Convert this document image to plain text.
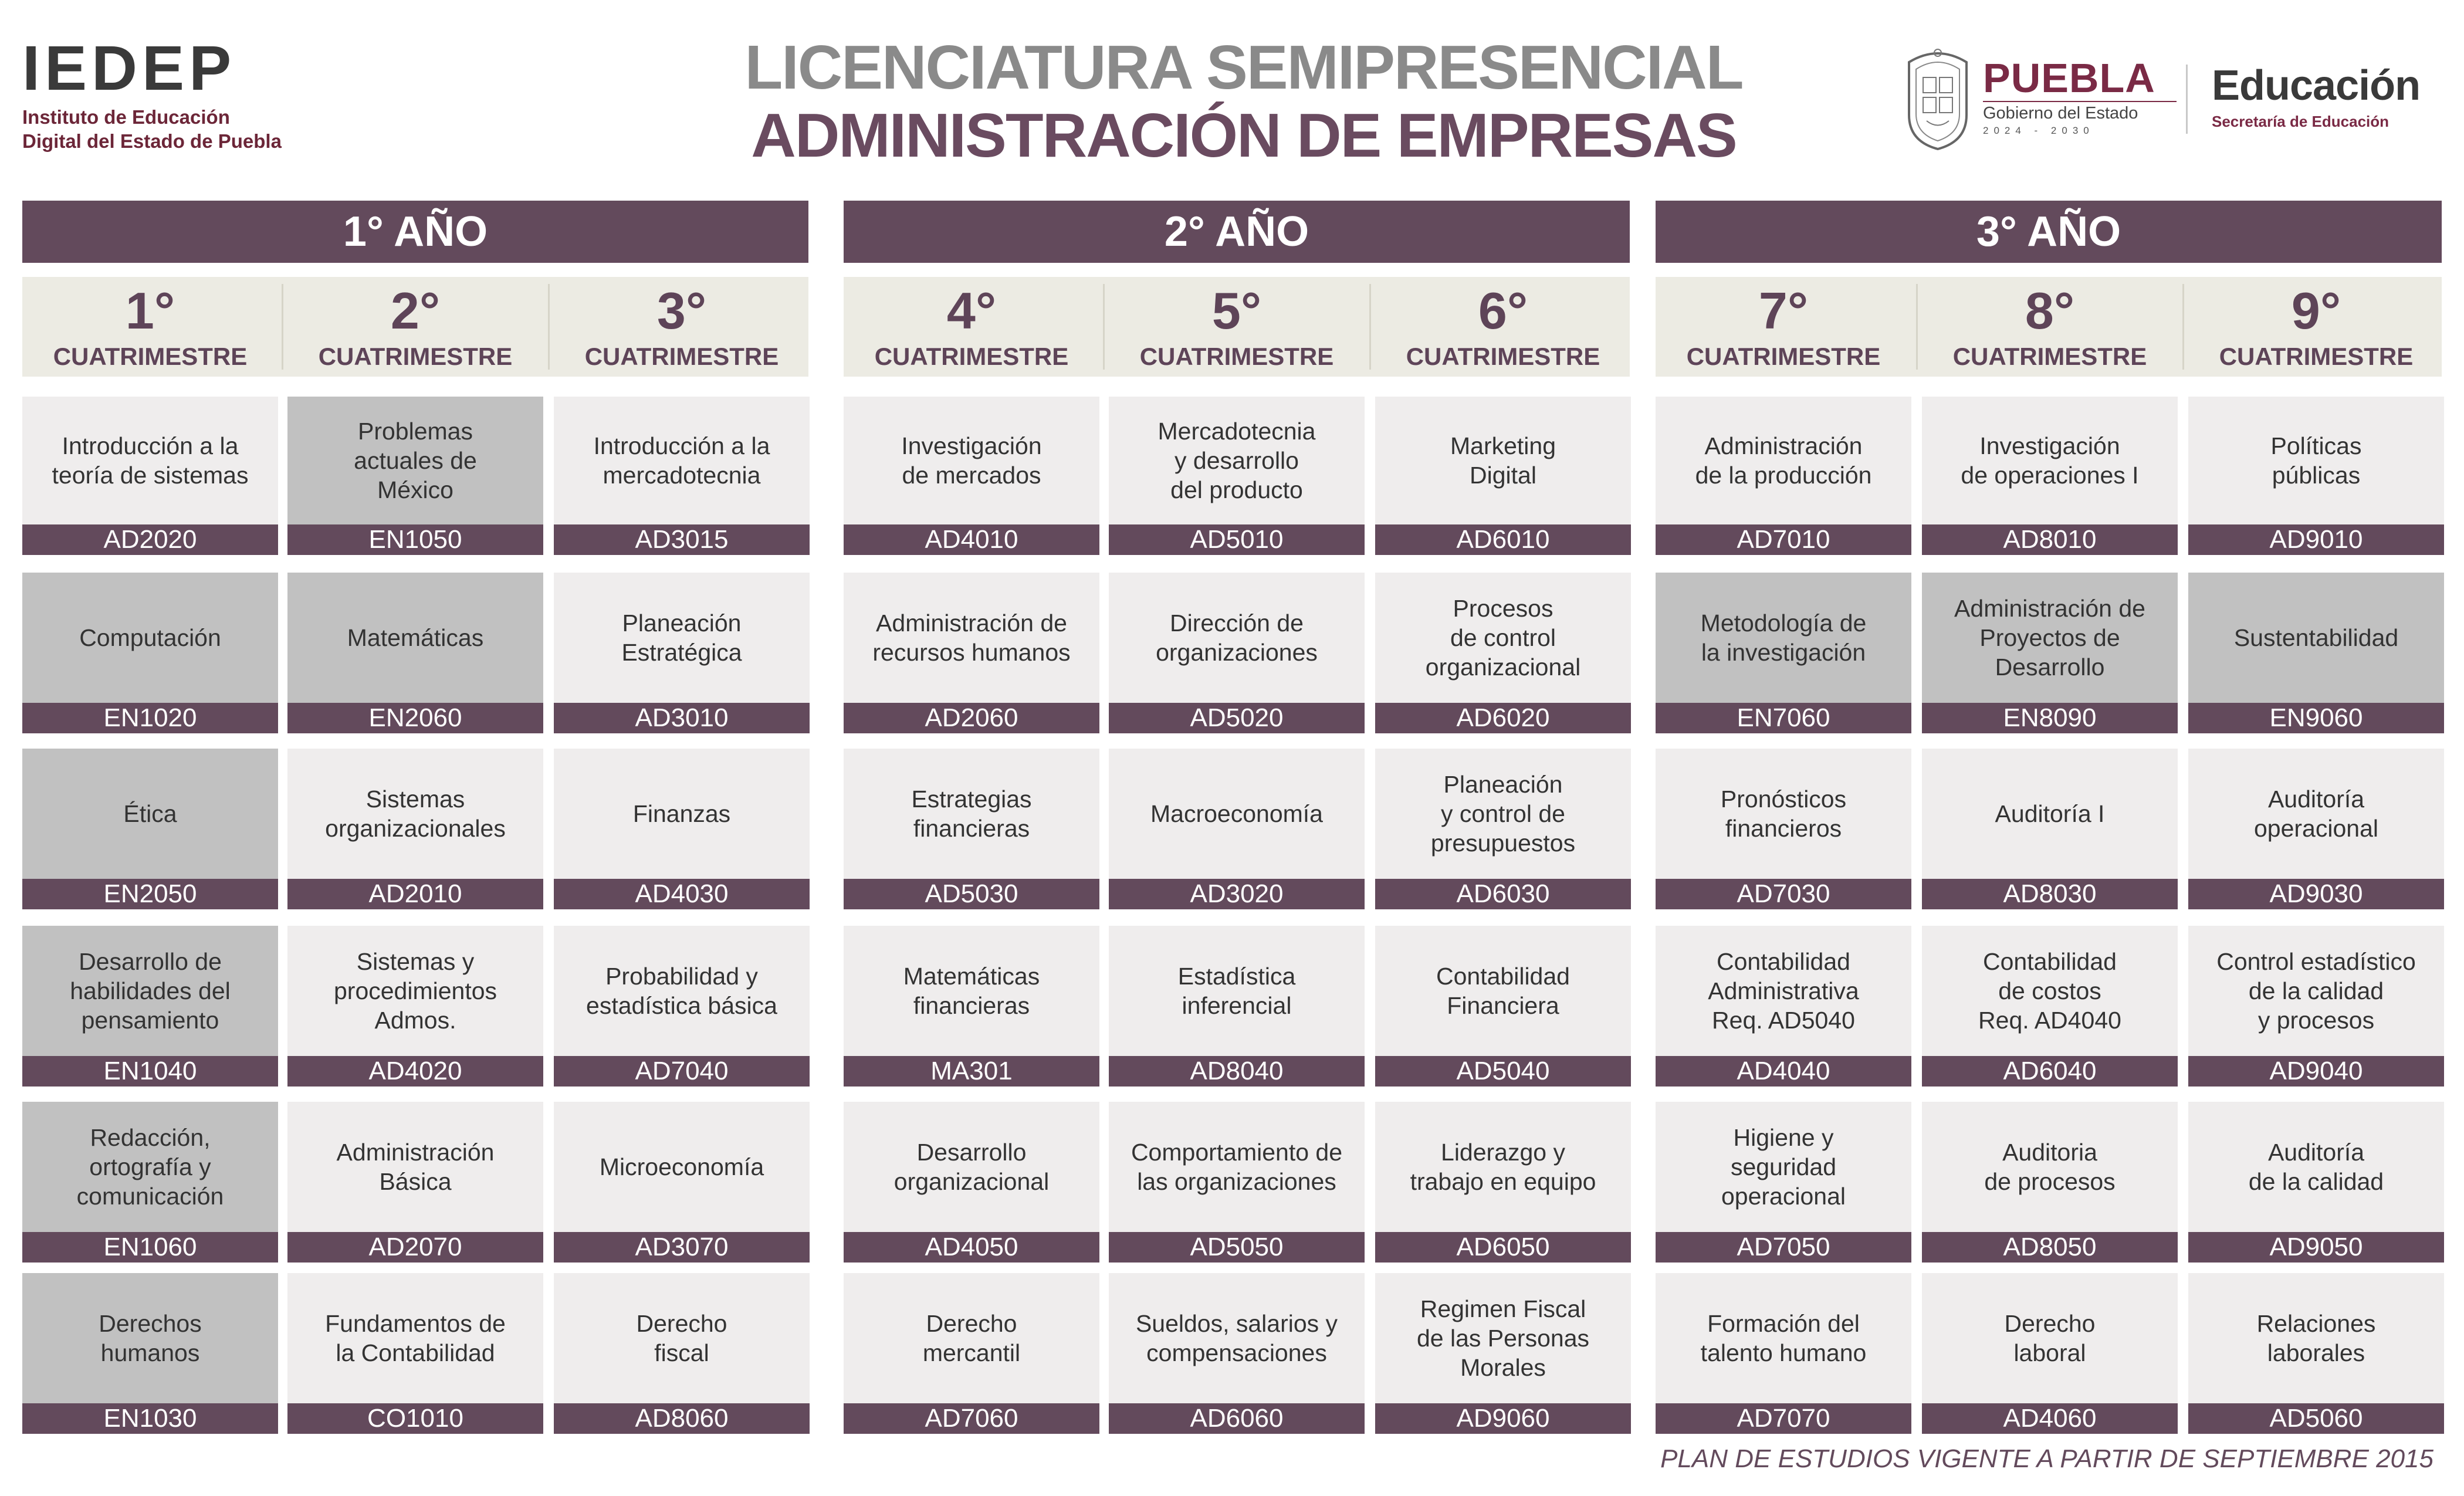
IEDEP
Instituto de Educación
Digital del Estado de Puebla
LICENCIATURA SEMIPRESENCIAL
ADMINISTRACIÓN DE EMPRESAS
PUEBLA
Gobierno del Estado
2024 - 2030
Educación
Secretaría de Educación
1° AÑO
1°
CUATRIMESTRE
2°
CUATRIMESTRE
3°
CUATRIMESTRE
Introducción a la
teoría de sistemas
AD2020
Computación
EN1020
Ética
EN2050
Desarrollo de
habilidades del
pensamiento
EN1040
Redacción,
ortografía y
comunicación
EN1060
Derechos
humanos
EN1030
Problemas
actuales de
México
EN1050
Matemáticas
EN2060
Sistemas
organizacionales
AD2010
Sistemas y
procedimientos
Admos.
AD4020
Administración
Básica
AD2070
Fundamentos de
la Contabilidad
CO1010
Introducción a la
mercadotecnia
AD3015
Planeación
Estratégica
AD3010
Finanzas
AD4030
Probabilidad y
estadística básica
AD7040
Microeconomía
AD3070
Derecho
fiscal
AD8060
2° AÑO
4°
CUATRIMESTRE
5°
CUATRIMESTRE
6°
CUATRIMESTRE
Investigación
de mercados
AD4010
Administración de
recursos humanos
AD2060
Estrategias
financieras
AD5030
Matemáticas
financieras
MA301
Desarrollo
organizacional
AD4050
Derecho
mercantil
AD7060
Mercadotecnia
y desarrollo
del producto
AD5010
Dirección de
organizaciones
AD5020
Macroeconomía
AD3020
Estadística
inferencial
AD8040
Comportamiento de
las organizaciones
AD5050
Sueldos, salarios y
compensaciones
AD6060
Marketing
Digital
AD6010
Procesos
de control
organizacional
AD6020
Planeación
y control de
presupuestos
AD6030
Contabilidad
Financiera
AD5040
Liderazgo y
trabajo en equipo
AD6050
Regimen Fiscal
de las Personas
Morales
AD9060
3° AÑO
7°
CUATRIMESTRE
8°
CUATRIMESTRE
9°
CUATRIMESTRE
Administración
de la producción
AD7010
Metodología de
la investigación
EN7060
Pronósticos
financieros
AD7030
Contabilidad
Administrativa
Req. AD5040
AD4040
Higiene y
seguridad
operacional
AD7050
Formación del
talento humano
AD7070
Investigación
de operaciones I
AD8010
Administración de
Proyectos de
Desarrollo
EN8090
Auditoría I
AD8030
Contabilidad
de costos
Req. AD4040
AD6040
Auditoria
de procesos
AD8050
Derecho
laboral
AD4060
Políticas
públicas
AD9010
Sustentabilidad
EN9060
Auditoría
operacional
AD9030
Control estadístico
de la calidad
y procesos
AD9040
Auditoría
de la calidad
AD9050
Relaciones
laborales
AD5060
PLAN DE ESTUDIOS VIGENTE A PARTIR DE SEPTIEMBRE 2015
